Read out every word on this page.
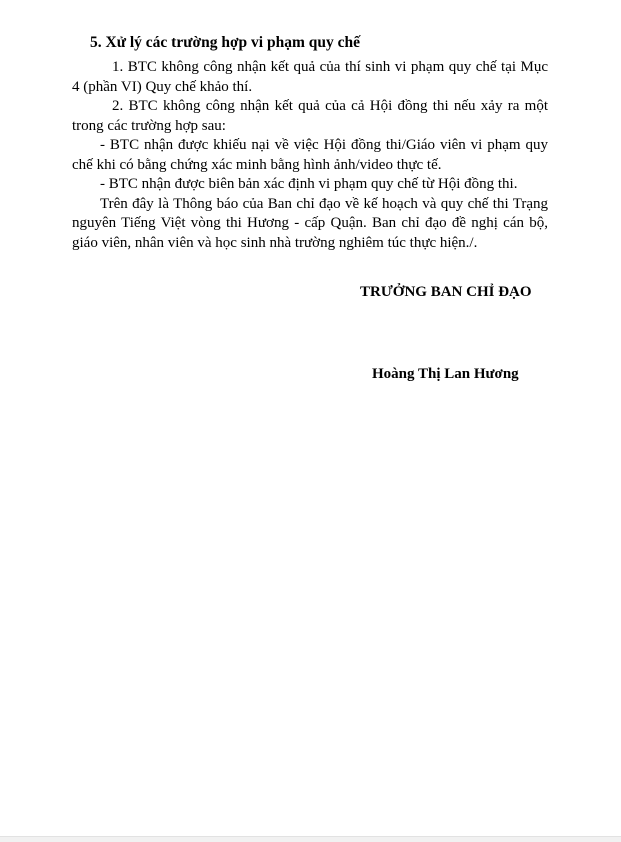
5. Xử lý các trường hợp vi phạm quy chế

1. BTC không công nhận kết quả của thí sinh vi phạm quy chế tại Mục 4 (phần VI) Quy chế khảo thí.

2. BTC không công nhận kết quả của cả Hội đồng thi nếu xảy ra một trong các trường hợp sau:

- BTC nhận được khiếu nại về việc Hội đồng thi/Giáo viên vi phạm quy chế khi có bằng chứng xác minh bằng hình ảnh/video thực tế.

- BTC nhận được biên bản xác định vi phạm quy chế từ Hội đồng thi.

Trên đây là Thông báo của Ban chỉ đạo về kế hoạch và quy chế thi Trạng nguyên Tiếng Việt vòng thi Hương - cấp Quận. Ban chỉ đạo đề nghị cán bộ, giáo viên, nhân viên và học sinh nhà trường nghiêm túc thực hiện./.

TRƯỞNG BAN CHỈ ĐẠO
Hoàng Thị Lan Hương
